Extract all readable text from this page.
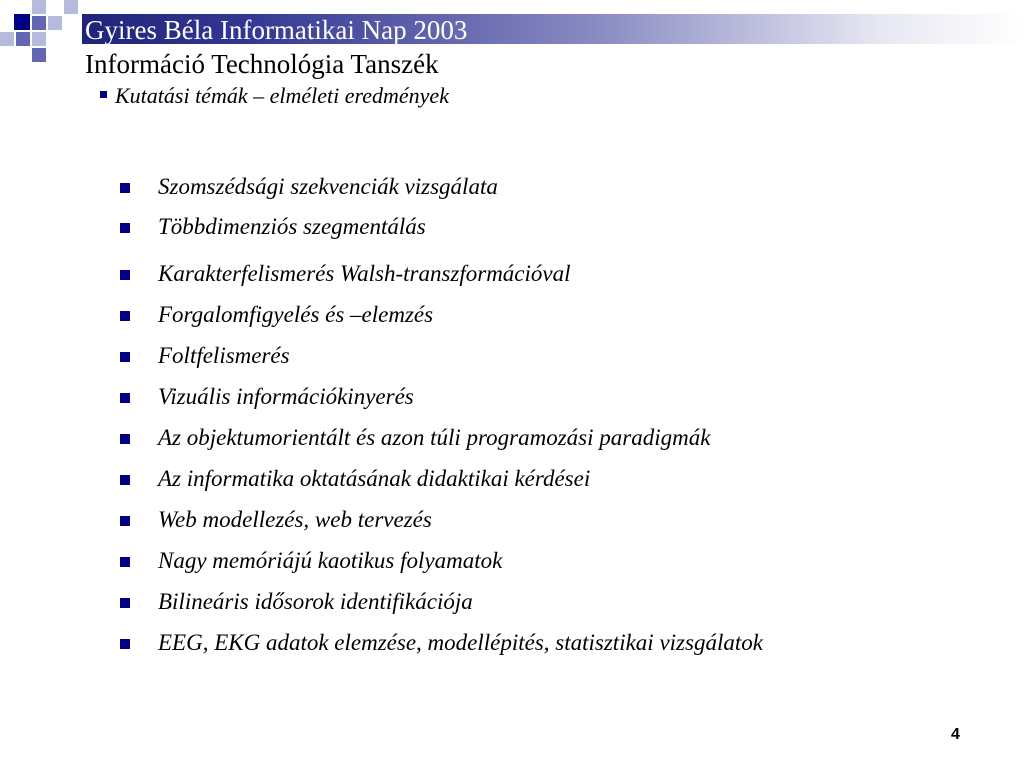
Gyires Béla Informatikai Nap 2003
Információ Technológia Tanszék
Kutatási témák – elméleti eredmények
Szomszédsági szekvenciák vizsgálata
Többdimenziós szegmentálás
Karakterfelismerés Walsh-transzformációval
Forgalomfigyelés és –elemzés
Foltfelismerés
Vizuális információkinyerés
Az objektumorientált és azon túli programozási paradigmák
Az informatika oktatásának didaktikai kérdései
Web modellezés, web tervezés
Nagy memóriájú kaotikus folyamatok
Bilineáris idősorok identifikációja
EEG, EKG adatok elemzése, modellépités, statisztikai vizsgálatok
4
